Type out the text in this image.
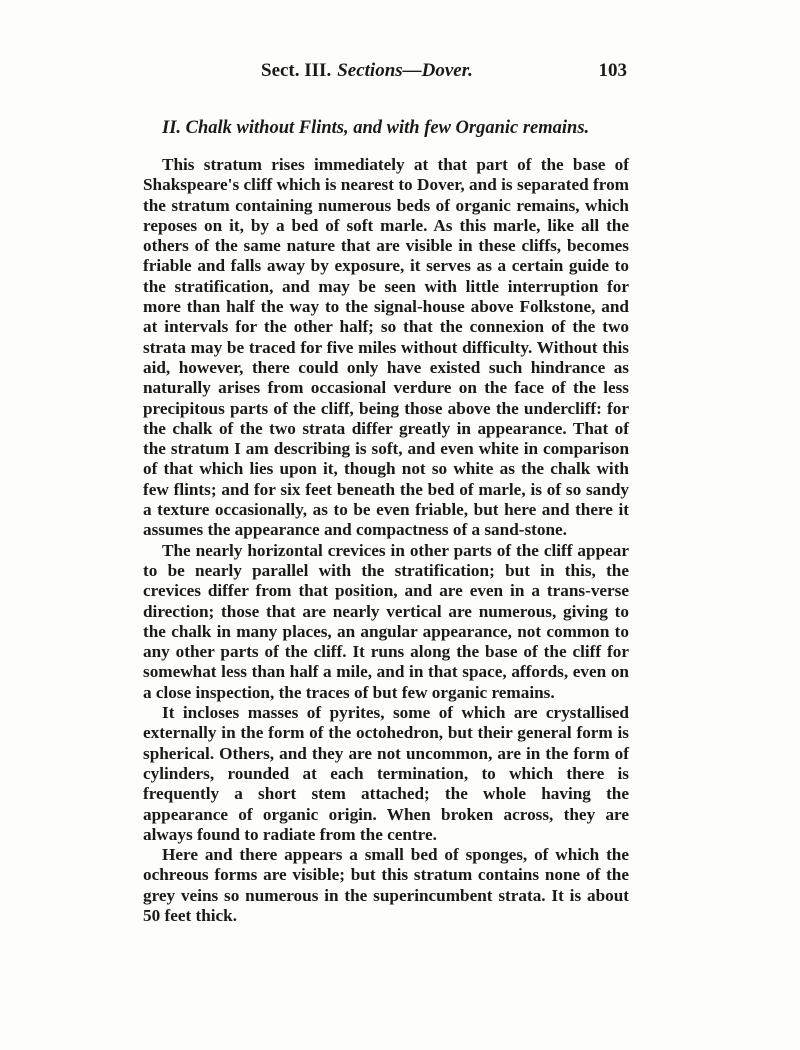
Sect. III. Sections—Dover.	103
II. Chalk without Flints, and with few Organic remains.

This stratum rises immediately at that part of the base of Shakspeare's cliff which is nearest to Dover, and is separated from the stratum containing numerous beds of organic remains, which reposes on it, by a bed of soft marle. As this marle, like all the others of the same nature that are visible in these cliffs, becomes friable and falls away by exposure, it serves as a certain guide to the stratification, and may be seen with little interruption for more than half the way to the signal-house above Folkstone, and at intervals for the other half; so that the connexion of the two strata may be traced for five miles without difficulty. Without this aid, however, there could only have existed such hindrance as naturally arises from occasional verdure on the face of the less precipitous parts of the cliff, being those above the undercliff: for the chalk of the two strata differ greatly in appearance. That of the stratum I am describing is soft, and even white in comparison of that which lies upon it, though not so white as the chalk with few flints; and for six feet beneath the bed of marle, is of so sandy a texture occasionally, as to be even friable, but here and there it assumes the appearance and compactness of a sand-stone.

The nearly horizontal crevices in other parts of the cliff appear to be nearly parallel with the stratification; but in this, the crevices differ from that position, and are even in a trans-verse direction; those that are nearly vertical are numerous, giving to the chalk in many places, an angular appearance, not common to any other parts of the cliff. It runs along the base of the cliff for somewhat less than half a mile, and in that space, affords, even on a close inspection, the traces of but few organic remains.

It incloses masses of pyrites, some of which are crystallised externally in the form of the octohedron, but their general form is spherical. Others, and they are not uncommon, are in the form of cylinders, rounded at each termination, to which there is frequently a short stem attached; the whole having the appearance of organic origin. When broken across, they are always found to radiate from the centre.

Here and there appears a small bed of sponges, of which the ochreous forms are visible; but this stratum contains none of the grey veins so numerous in the superincumbent strata. It is about 50 feet thick.
